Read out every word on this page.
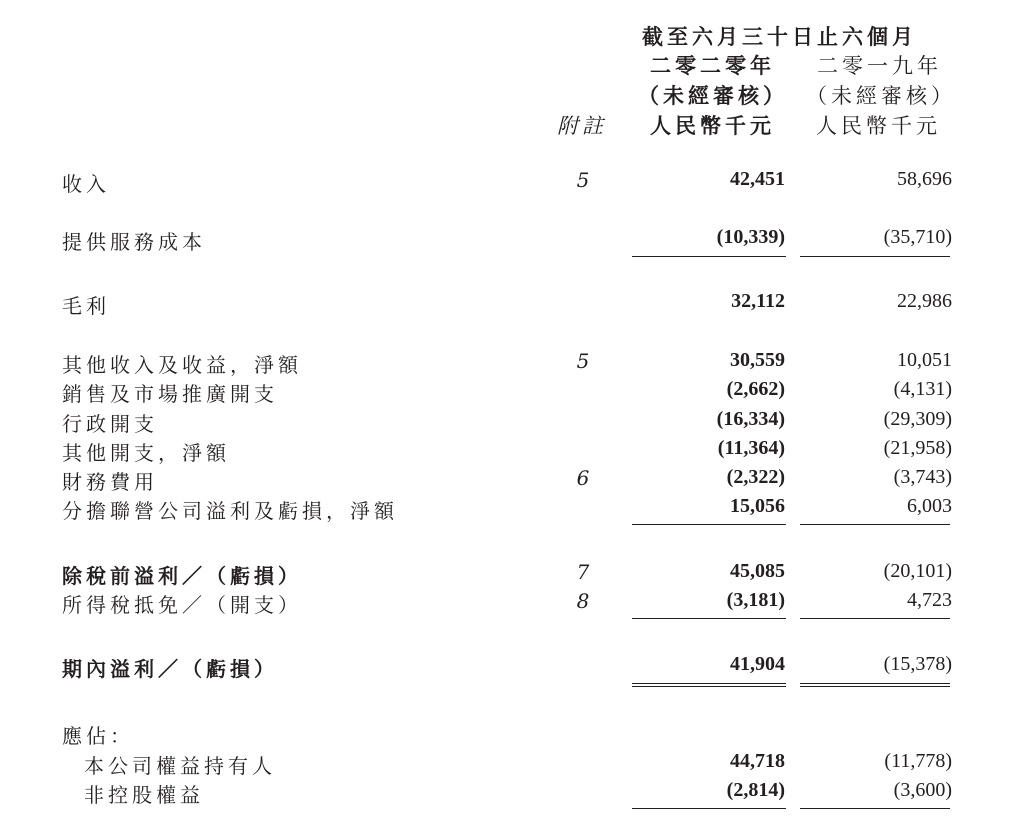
截至六月三十日止六個月
二零二零年 二零一九年
（未經審核） （未經審核）
附註 人民幣千元 人民幣千元
收入	5	42,451	58,696
提供服務成本	(10,339)	(35,710)
毛利	32,112	22,986
其他收入及收益，淨額	5	30,559	10,051
銷售及市場推廣開支	(2,662)	(4,131)
行政開支	(16,334)	(29,309)
其他開支，淨額	(11,364)	(21,958)
財務費用	6	(2,322)	(3,743)
分擔聯營公司溢利及虧損，淨額	15,056	6,003
除稅前溢利／（虧損）	7	45,085	(20,101)
所得稅抵免／（開支）	8	(3,181)	4,723
期內溢利／（虧損）	41,904	(15,378)
應佔：
本公司權益持有人	44,718	(11,778)
非控股權益	(2,814)	(3,600)
